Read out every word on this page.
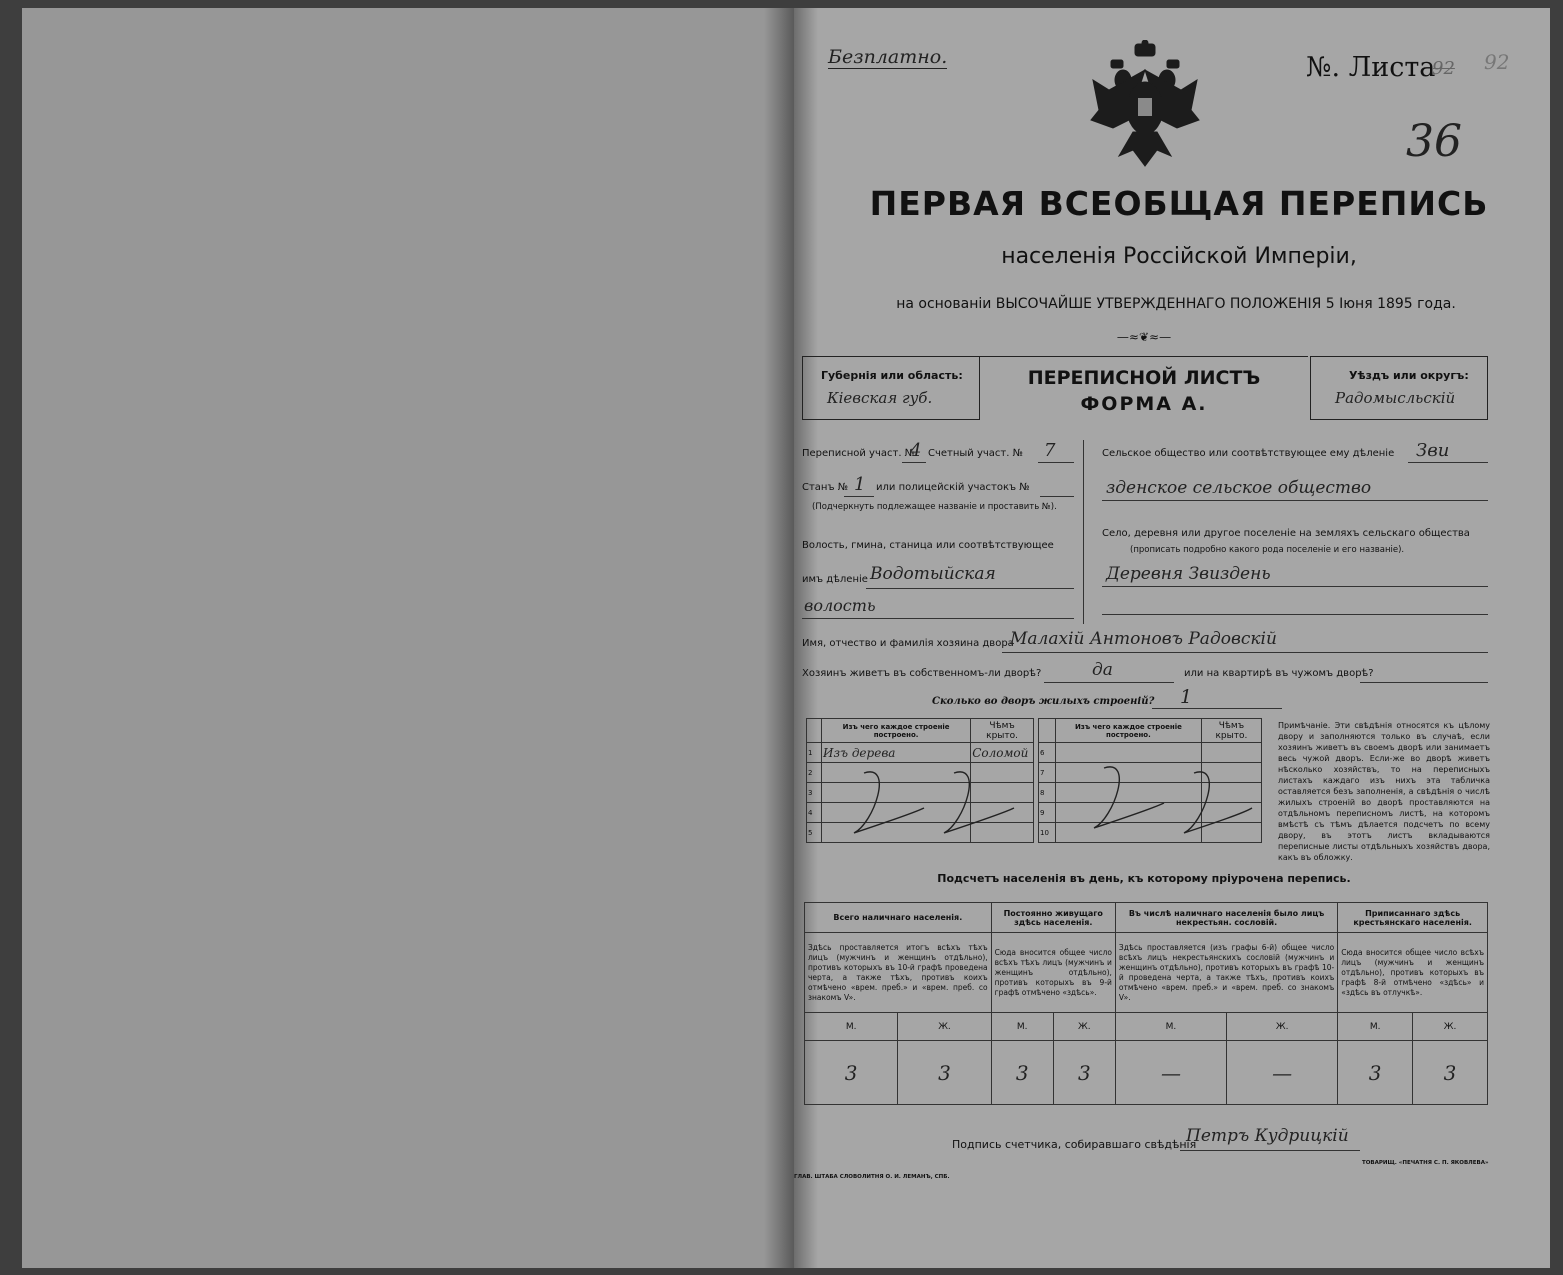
Безплатно.	№. Листа
92 92
36
ПЕРВАЯ ВСЕОБЩАЯ ПЕРЕПИСЬ
населенія Россійской Имперіи,
на основаніи ВЫСОЧАЙШЕ УТВЕРЖДЕННАГО ПОЛОЖЕНІЯ 5 Іюня 1895 года.
—≈❦≈—
Губернія или область:
Кіевская губ.
ПЕРЕПИСНОЙ ЛИСТЪ
ФОРМА А.
Уѣздъ или округъ:
Радомысльскій
Переписной участ. №
4 Счетный участ. № 7
Станъ № 1 или полицейскій участокъ №
(Подчеркнуть подлежащее названіе и проставить №).
Волость, гмина, станица или соотвѣтствующее
имъ дѣленіе Водотыйская
волость
Сельское общество или соотвѣтствующее ему дѣленіе Зви
зденское сельское общество
Село, деревня или другое поселеніе на земляхъ сельскаго общества
(прописать подробно какого рода поселеніе и его названіе).
Деревня Звиздень
Имя, отчество и фамилія хозяина двора
Малахій Антоновъ Радовскій
Хозяинъ живетъ въ собственномъ-ли дворѣ?	да	или на квартирѣ въ чужомъ дворѣ?
Сколько во дворъ жилыхъ строеній? 1
	Изъ чего каждое строеніе построено.	Чѣмъ крыто.
1	Изъ дерева	Соломой
2		
3		
4		
5		
	Изъ чего каждое строеніе построено.	Чѣмъ крыто.
6		
7		
8		
9		
10		
Примѣчаніе. Эти свѣдѣнія относятся къ цѣлому двору и заполняются только въ случаѣ, если хозяинъ живетъ въ своемъ дворѣ или занимаетъ весь чужой дворъ. Если-же во дворѣ живетъ нѣсколько хозяйствъ, то на переписныхъ листахъ каждаго изъ нихъ эта табличка оставляется безъ заполненія, а свѣдѣнія о числѣ жилыхъ строеній во дворѣ проставляются на отдѣльномъ переписномъ листѣ, на которомъ вмѣстѣ съ тѣмъ дѣлается подсчетъ по всему двору, въ этотъ листъ вкладываются переписные листы отдѣльныхъ хозяйствъ двора, какъ въ обложку.
Подсчетъ населенія въ день, къ которому пріурочена перепись.
Всего наличнаго населенія.		Постоянно живущаго здѣсь населенія.		Въ числѣ наличнаго населенія было лицъ некрестьян. сословій.		Приписаннаго здѣсь крестьянскаго населенія.	
Здѣсь проставляется итогъ всѣхъ тѣхъ лицъ (мужчинъ и женщинъ отдѣльно), противъ которыхъ въ 10-й графѣ проведена черта, а также тѣхъ, противъ коихъ отмѣчено «врем. преб.» и «врем. преб. со знакомъ V».		Сюда вносится общее число всѣхъ тѣхъ лицъ (мужчинъ и женщинъ отдѣльно), противъ которыхъ въ 9-й графѣ отмѣчено «здѣсь».		Здѣсь проставляется (изъ графы 6-й) общее число всѣхъ лицъ некрестьянскихъ сословій (мужчинъ и женщинъ отдѣльно), противъ которыхъ въ графѣ 10-й проведена черта, а также тѣхъ, противъ коихъ отмѣчено «врем. преб.» и «врем. преб. со знакомъ V».		Сюда вносится общее число всѣхъ лицъ (мужчинъ и женщинъ отдѣльно), противъ которыхъ въ графѣ 8-й отмѣчено «здѣсь» и «здѣсь въ отлучкѣ».	
М.	Ж.	М.	Ж.	М.	Ж.	М.	Ж.
3	3	3	3	—	—	3	3
Подпись счетчика, собиравшаго свѣдѣнія
Петръ Кудрицкій
ГЛАВ. ШТАБА СЛОВОЛИТНЯ О. И. ЛЕМАНЪ, СПБ.
ТОВАРИЩ. «ПЕЧАТНЯ С. П. ЯКОВЛЕВА»
